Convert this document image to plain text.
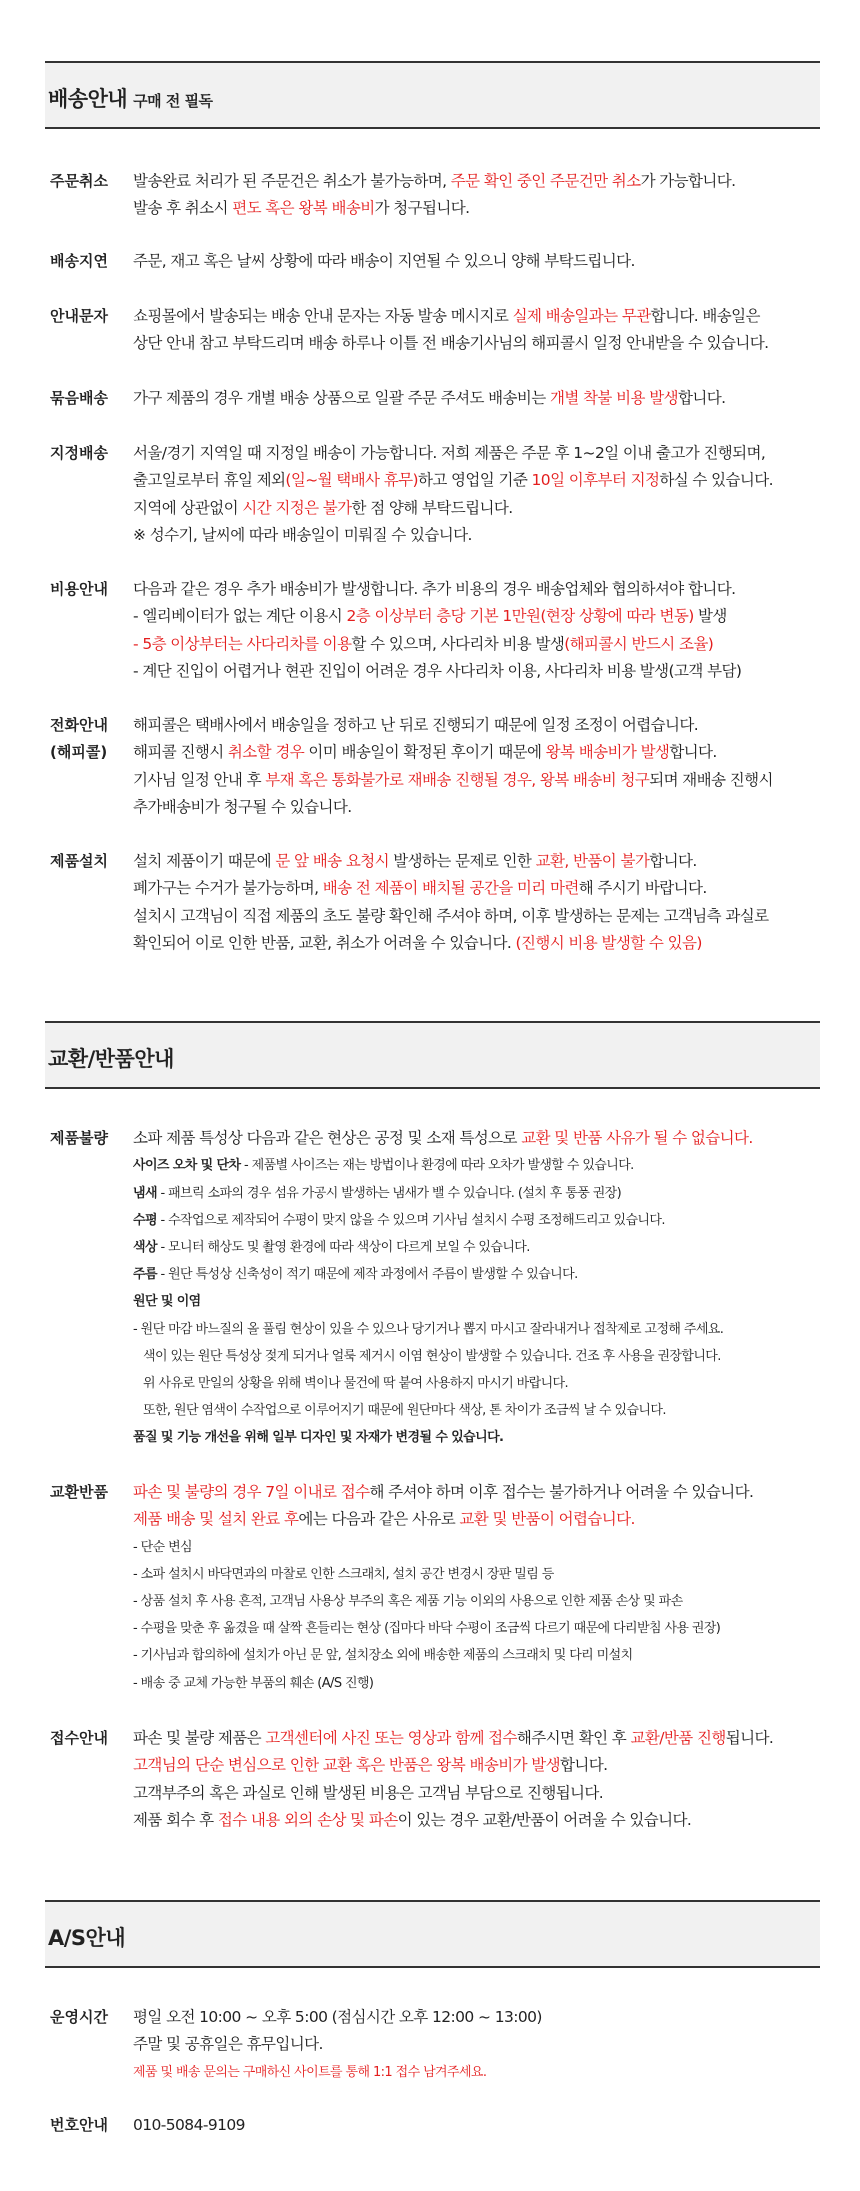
배송안내 구매 전 필독
주문취소 발송완료 처리가 된 주문건은 취소가 불가능하며, 주문 확인 중인 주문건만 취소가 가능합니다.
발송 후 취소시 편도 혹은 왕복 배송비가 청구됩니다.
배송지연 주문, 재고 혹은 날씨 상황에 따라 배송이 지연될 수 있으니 양해 부탁드립니다.
안내문자 쇼핑몰에서 발송되는 배송 안내 문자는 자동 발송 메시지로 실제 배송일과는 무관합니다. 배송일은
상단 안내 참고 부탁드리며 배송 하루나 이틀 전 배송기사님의 해피콜시 일정 안내받을 수 있습니다.
묶음배송 가구 제품의 경우 개별 배송 상품으로 일괄 주문 주셔도 배송비는 개별 착불 비용 발생합니다.
지정배송 서울/경기 지역일 때 지정일 배송이 가능합니다. 저희 제품은 주문 후 1~2일 이내 출고가 진행되며,
출고일로부터 휴일 제외(일~월 택배사 휴무)하고 영업일 기준 10일 이후부터 지정하실 수 있습니다.
지역에 상관없이 시간 지정은 불가한 점 양해 부탁드립니다.
※ 성수기, 날씨에 따라 배송일이 미뤄질 수 있습니다.
비용안내 다음과 같은 경우 추가 배송비가 발생합니다. 추가 비용의 경우 배송업체와 협의하셔야 합니다.
- 엘리베이터가 없는 계단 이용시 2층 이상부터 층당 기본 1만원(현장 상황에 따라 변동) 발생
- 5층 이상부터는 사다리차를 이용할 수 있으며, 사다리차 비용 발생(해피콜시 반드시 조율)
- 계단 진입이 어렵거나 현관 진입이 어려운 경우 사다리차 이용, 사다리차 비용 발생(고객 부담)
전화안내
(해피콜)
해피콜은 택배사에서 배송일을 정하고 난 뒤로 진행되기 때문에 일정 조정이 어렵습니다.
해피콜 진행시 취소할 경우 이미 배송일이 확정된 후이기 때문에 왕복 배송비가 발생합니다.
기사님 일정 안내 후 부재 혹은 통화불가로 재배송 진행될 경우, 왕복 배송비 청구되며 재배송 진행시
추가배송비가 청구될 수 있습니다.
제품설치 설치 제품이기 때문에 문 앞 배송 요청시 발생하는 문제로 인한 교환, 반품이 불가합니다.
폐가구는 수거가 불가능하며, 배송 전 제품이 배치될 공간을 미리 마련해 주시기 바랍니다.
설치시 고객님이 직접 제품의 초도 불량 확인해 주셔야 하며, 이후 발생하는 문제는 고객님측 과실로
확인되어 이로 인한 반품, 교환, 취소가 어려울 수 있습니다. (진행시 비용 발생할 수 있음)
교환/반품안내
제품불량 소파 제품 특성상 다음과 같은 현상은 공정 및 소재 특성으로 교환 및 반품 사유가 될 수 없습니다.
사이즈 오차 및 단차 - 제품별 사이즈는 재는 방법이나 환경에 따라 오차가 발생할 수 있습니다.
냄새 - 패브릭 소파의 경우 섬유 가공시 발생하는 냄새가 밸 수 있습니다. (설치 후 통풍 권장)
수평 - 수작업으로 제작되어 수평이 맞지 않을 수 있으며 기사님 설치시 수평 조정해드리고 있습니다.
색상 - 모니터 해상도 및 촬영 환경에 따라 색상이 다르게 보일 수 있습니다.
주름 - 원단 특성상 신축성이 적기 때문에 제작 과정에서 주름이 발생할 수 있습니다.
원단 및 이염
- 원단 마감 바느질의 올 풀림 현상이 있을 수 있으나 당기거나 뽑지 마시고 잘라내거나 접착제로 고정해 주세요.
색이 있는 원단 특성상 젖게 되거나 얼룩 제거시 이염 현상이 발생할 수 있습니다. 건조 후 사용을 권장합니다.
위 사유로 만일의 상황을 위해 벽이나 물건에 딱 붙여 사용하지 마시기 바랍니다.
또한, 원단 염색이 수작업으로 이루어지기 때문에 원단마다 색상, 톤 차이가 조금씩 날 수 있습니다.
품질 및 기능 개선을 위해 일부 디자인 및 자재가 변경될 수 있습니다.
교환반품 파손 및 불량의 경우 7일 이내로 접수해 주셔야 하며 이후 접수는 불가하거나 어려울 수 있습니다.
제품 배송 및 설치 완료 후에는 다음과 같은 사유로 교환 및 반품이 어렵습니다.
- 단순 변심
- 소파 설치시 바닥면과의 마찰로 인한 스크래치, 설치 공간 변경시 장판 밀림 등
- 상품 설치 후 사용 흔적, 고객님 사용상 부주의 혹은 제품 기능 이외의 사용으로 인한 제품 손상 및 파손
- 수평을 맞춘 후 옮겼을 때 살짝 흔들리는 현상 (집마다 바닥 수평이 조금씩 다르기 때문에 다리받침 사용 권장)
- 기사님과 합의하에 설치가 아닌 문 앞, 설치장소 외에 배송한 제품의 스크래치 및 다리 미설치
- 배송 중 교체 가능한 부품의 훼손 (A/S 진행)
접수안내 파손 및 불량 제품은 고객센터에 사진 또는 영상과 함께 접수해주시면 확인 후 교환/반품 진행됩니다.
고객님의 단순 변심으로 인한 교환 혹은 반품은 왕복 배송비가 발생합니다.
고객부주의 혹은 과실로 인해 발생된 비용은 고객님 부담으로 진행됩니다.
제품 회수 후 접수 내용 외의 손상 및 파손이 있는 경우 교환/반품이 어려울 수 있습니다.
A/S안내
운영시간 평일 오전 10:00 ~ 오후 5:00 (점심시간 오후 12:00 ~ 13:00)
주말 및 공휴일은 휴무입니다.
제품 및 배송 문의는 구매하신 사이트를 통해 1:1 접수 남겨주세요.
번호안내 010-5084-9109
